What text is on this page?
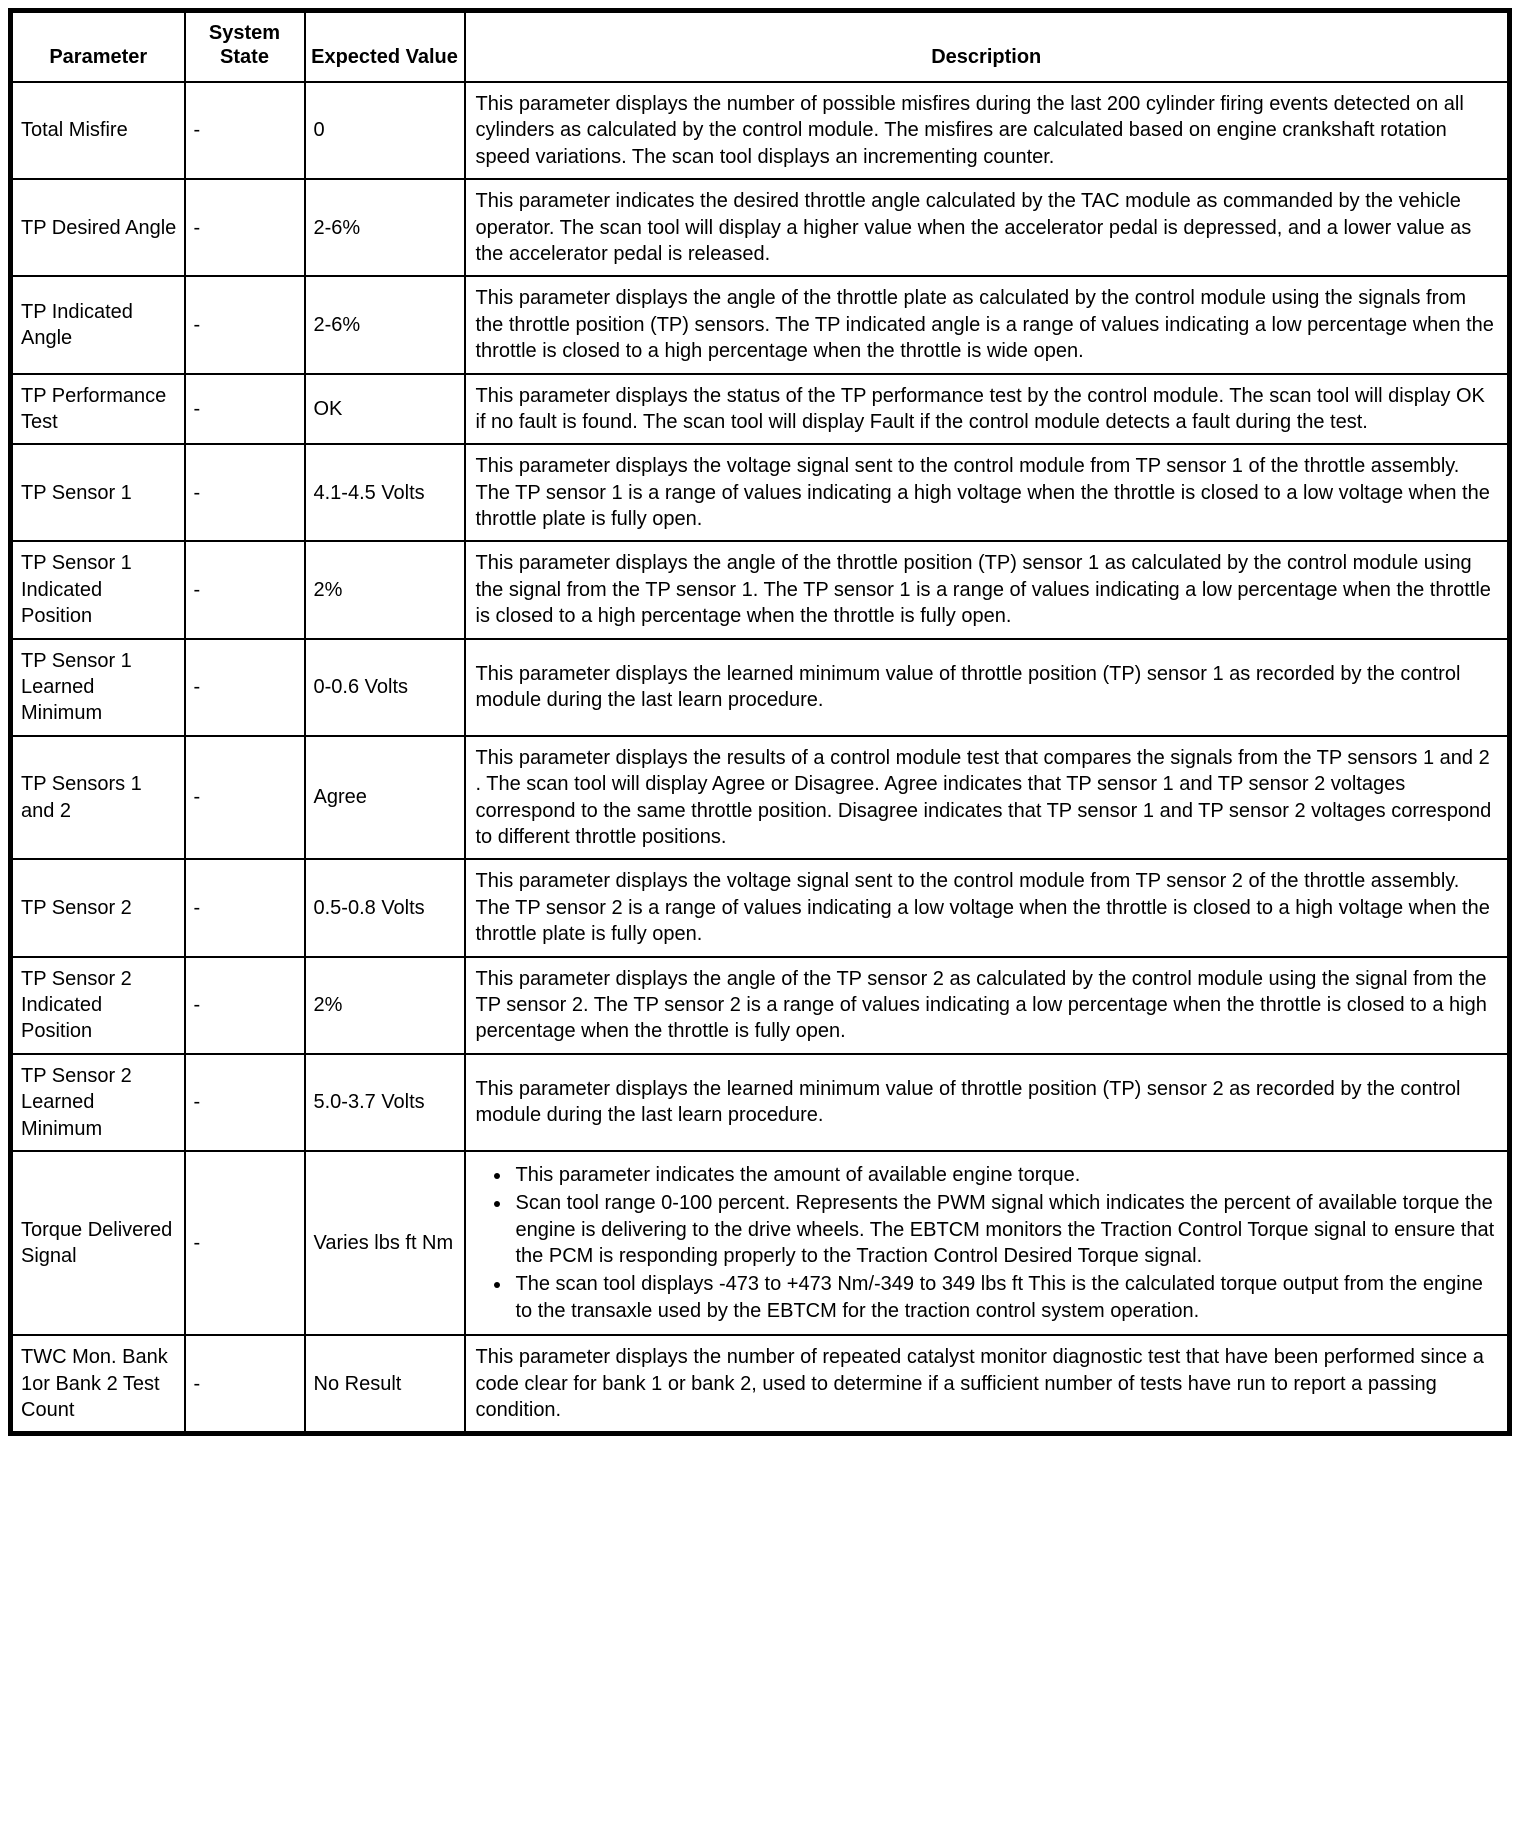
Parameter	System State	Expected Value	Description
Total Misfire	-	0	This parameter displays the number of possible misfires during the last 200 cylinder firing events detected on all cylinders as calculated by the control module. The misfires are calculated based on engine crankshaft rotation speed variations. The scan tool displays an incrementing counter.
TP Desired Angle	-	2-6%	This parameter indicates the desired throttle angle calculated by the TAC module as commanded by the vehicle operator. The scan tool will display a higher value when the accelerator pedal is depressed, and a lower value as the accelerator pedal is released.
TP Indicated Angle	-	2-6%	This parameter displays the angle of the throttle plate as calculated by the control module using the signals from the throttle position (TP) sensors. The TP indicated angle is a range of values indicating a low percentage when the throttle is closed to a high percentage when the throttle is wide open.
TP Performance Test	-	OK	This parameter displays the status of the TP performance test by the control module. The scan tool will display OK if no fault is found. The scan tool will display Fault if the control module detects a fault during the test.
TP Sensor 1	-	4.1-4.5 Volts	This parameter displays the voltage signal sent to the control module from TP sensor 1 of the throttle assembly. The TP sensor 1 is a range of values indicating a high voltage when the throttle is closed to a low voltage when the throttle plate is fully open.
TP Sensor 1 Indicated Position	-	2%	This parameter displays the angle of the throttle position (TP) sensor 1 as calculated by the control module using the signal from the TP sensor 1. The TP sensor 1 is a range of values indicating a low percentage when the throttle is closed to a high percentage when the throttle is fully open.
TP Sensor 1 Learned Minimum	-	0-0.6 Volts	This parameter displays the learned minimum value of throttle position (TP) sensor 1 as recorded by the control module during the last learn procedure.
TP Sensors 1 and 2	-	Agree	This parameter displays the results of a control module test that compares the signals from the TP sensors 1 and 2 . The scan tool will display Agree or Disagree. Agree indicates that TP sensor 1 and TP sensor 2 voltages correspond to the same throttle position. Disagree indicates that TP sensor 1 and TP sensor 2 voltages correspond to different throttle positions.
TP Sensor 2	-	0.5-0.8 Volts	This parameter displays the voltage signal sent to the control module from TP sensor 2 of the throttle assembly. The TP sensor 2 is a range of values indicating a low voltage when the throttle is closed to a high voltage when the throttle plate is fully open.
TP Sensor 2 Indicated Position	-	2%	This parameter displays the angle of the TP sensor 2 as calculated by the control module using the signal from the TP sensor 2. The TP sensor 2 is a range of values indicating a low percentage when the throttle is closed to a high percentage when the throttle is fully open.
TP Sensor 2 Learned Minimum	-	5.0-3.7 Volts	This parameter displays the learned minimum value of throttle position (TP) sensor 2 as recorded by the control module during the last learn procedure.
Torque Delivered Signal	-	Varies lbs ft Nm	
• This parameter indicates the amount of available engine torque.
• Scan tool range 0-100 percent. Represents the PWM signal which indicates the percent of available torque the engine is delivering to the drive wheels. The EBTCM monitors the Traction Control Torque signal to ensure that the PCM is responding properly to the Traction Control Desired Torque signal.
• The scan tool displays -473 to +473 Nm/-349 to 349 lbs ft This is the calculated torque output from the engine to the transaxle used by the EBTCM for the traction control system operation.

TWC Mon. Bank 1or Bank 2 Test Count	-	No Result	This parameter displays the number of repeated catalyst monitor diagnostic test that have been performed since a code clear for bank 1 or bank 2, used to determine if a sufficient number of tests have run to report a passing condition.
